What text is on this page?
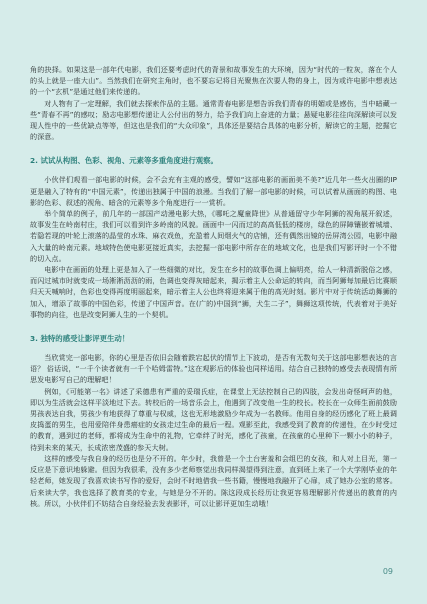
角的抉择。如果这是一部年代电影，我们还要考虑时代的背景和故事发生的大环境，因为“时代的一粒灰，落在个人的头上就是一座大山”。当然我们在研究主角时，也不要忘记将目光聚焦在次要人物的身上，因为或许电影中想表达的一个“玄机”是通过他们来传递的。

对人物有了一定理解，我们就去探索作品的主题。通常青春电影是想告诉我们青春的明媚或是感伤，当中暗藏一些“青春不再”的感叹；励志电影想传递让人公付出的努力，给予我们向上奋进的力量；悬疑电影往往向深解读可以发现人性中的一些优缺点等等，但这也是我们的“大众印象”，具体还是要结合具体的电影分析，解读它的主题，挖掘它的深意。

2. 试试从构图、色彩、视角、元素等多重角度进行观察。

小伙伴们观看一部电影的时候，会不会充有主观的感受，譬如“这部电影的画面美不美?”近几年一些火出圈的IP更是融入了特有的“中国元素”，传递出独属于中国的浪漫。当我们了解一部电影的时候，可以试着从画面的构图、电影的色彩、叙述的视角、暗含的元素等多个角度进行一一赏析。

举个简单的例子，前几年的一部国产动漫电影大热，《哪吒之魔童降世》从普通留守少年阿狮的视角展开叙述，故事发生在岭南村庄，我们可以看到许多岭南的风貌。画面中一闪而过的高高低低的楼房，绿色的屏障镶嵌着城墙、若隐若现的叶轮上滚落的晶莹的水珠、麻衣戏鱼，充盈着人间烟火气的店铺，还有偶然出镜的岳屏湾公园，电影中融入大量的岭南元素。地域特色使电影更接近真实，去挖掘一部电影中所存在的地域文化，也是我们写影评时一个不错的切入点。

电影中在画面的处理上更是加入了一些细微的对比，发生在乡村的故事色调上偏明亮，给人一种清新脱俗之感，而闪过城市时就变成一场淅淅沥沥的雨，色调也变得灰暗起来，揭示着主人公命运的转向，而当阿狮每加最后比赛顺归天天喊响时，色彩也变得再度明丽起来，暗示着主人公也终将迎来属于他的高光时刻。影片中对于传统活动舞狮的加入，增添了故事的中国色彩，传递了中国声音。在(广的)中国到“狮，犬生二子”，舞狮这项传统，代表着对于美好事物的向往，也是改变阿狮人生的一个契机。

3. 独特的感受让影评更生动！

当欣赏完一部电影，你的心里是否依旧会随着跌宕起伏的情节上下波动，是否有无数句关于这部电影想表达的言语？ 俗话说，“一千个读者就有一千个哈姆雷特。”这在观影后的体验也同样适用。结合自己独特的感受去表现情有所思发电影写自己的理解吧！

例如，《可能第一名》讲述了采德患有严重的妥瑞氏症，在课堂上无法控制自己的四肢，会发出奇怪呵声的他，即以为生活就会这样平淡地过下去。转校后的一场音乐会上，他遇到了改变他一生的校长。校长在一众师生面前鼓励男孩表达自我，男孩少有地获得了尊重与权威，这也无形地激励少年成为一名教师。他用自身的经历感化了班上最调皮捣蛋的男生，也用爱陪伴身患癌症的女孩走过生命的最后一程。观影至此，我感受到了教育的传递性，在少时受过的教育，遇到过的老师，都将成为生命中的礼物，它牵绊了时光，感化了孩童，在孩童的心里种下一颗小小的种子，待到未来的某天，长成浓密茂盛的参天大树。

这样的感受与我自身的经历也是分不开的。年少时，我曾是一个土台害羞和会组巴的女孩，和人对上目光，第一反应是下意识地躲避。但因为我很乖，没有多少老师察觉出我同样渴望得到注意，直到班上来了一个大学刚毕业的年轻老师，她发现了我喜欢读书写作的爱好，会时不时地借我一些书籍，慢慢地我融开了心扉，成了她办公室的常客。后来读大学，我也选择了教育类的专业，与她是分不开的。陈这段成长经历让我更容易理解影片传递出的教育的内核。所以，小伙伴们不妨结合自身经验去发表影评，可以让影评更加生动哦！

09
